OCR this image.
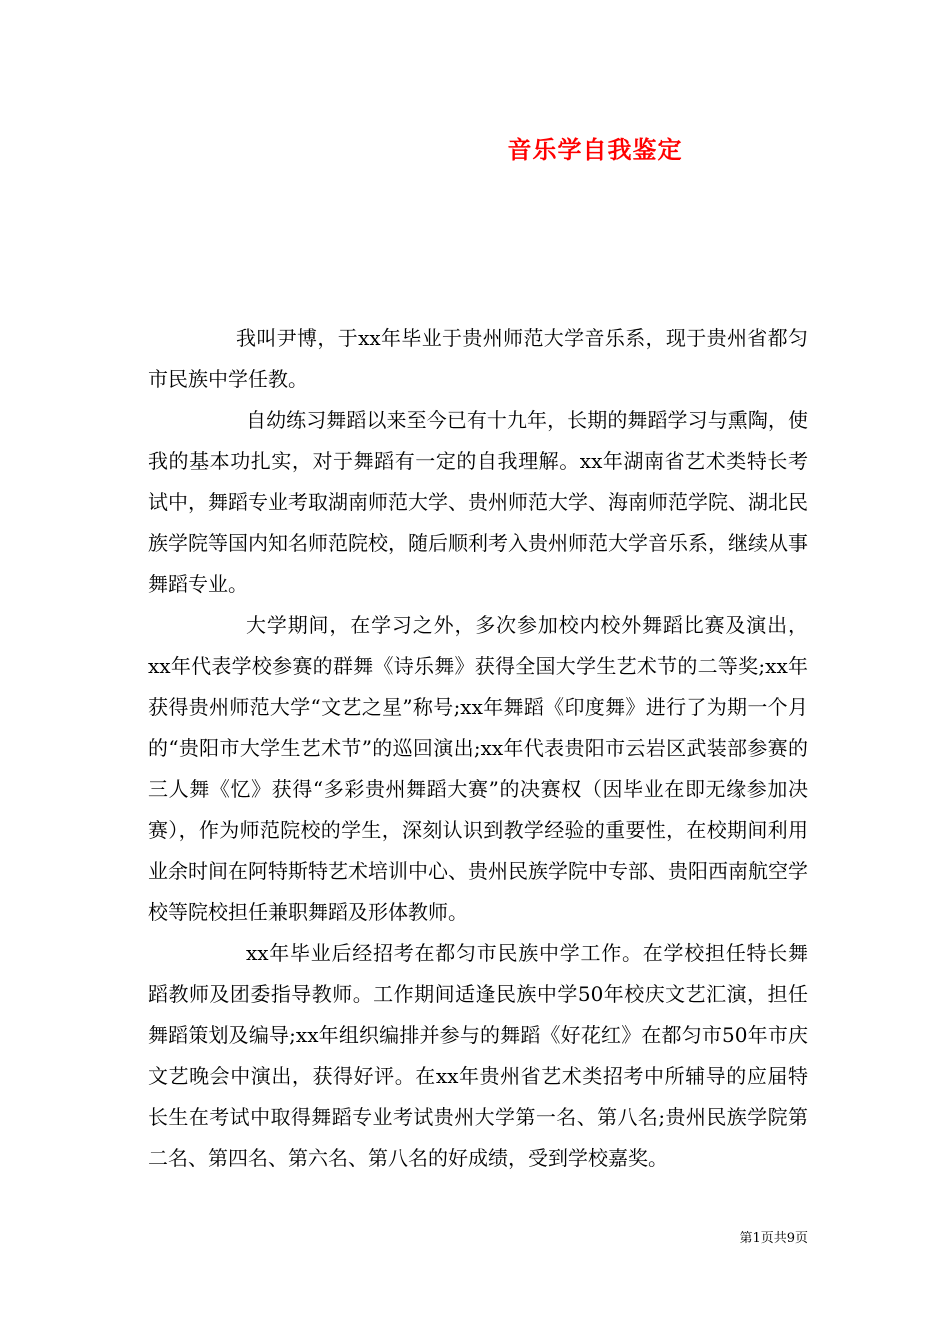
音乐学自我鉴定

我叫尹博，于xx年毕业于贵州师范大学音乐系，现于贵州省都匀市民族中学任教。

自幼练习舞蹈以来至今已有十九年，长期的舞蹈学习与熏陶，使我的基本功扎实，对于舞蹈有一定的自我理解。xx年湖南省艺术类特长考试中，舞蹈专业考取湖南师范大学、贵州师范大学、海南师范学院、湖北民族学院等国内知名师范院校，随后顺利考入贵州师范大学音乐系，继续从事舞蹈专业。

大学期间，在学习之外，多次参加校内校外舞蹈比赛及演出，xx年代表学校参赛的群舞《诗乐舞》获得全国大学生艺术节的二等奖;xx年获得贵州师范大学“文艺之星”称号;xx年舞蹈《印度舞》进行了为期一个月的“贵阳市大学生艺术节”的巡回演出;xx年代表贵阳市云岩区武装部参赛的三人舞《忆》获得“多彩贵州舞蹈大赛”的决赛权（因毕业在即无缘参加决赛），作为师范院校的学生，深刻认识到教学经验的重要性，在校期间利用业余时间在阿特斯特艺术培训中心、贵州民族学院中专部、贵阳西南航空学校等院校担任兼职舞蹈及形体教师。

xx年毕业后经招考在都匀市民族中学工作。在学校担任特长舞蹈教师及团委指导教师。工作期间适逢民族中学50年校庆文艺汇演，担任舞蹈策划及编导;xx年组织编排并参与的舞蹈《好花红》在都匀市50年市庆文艺晚会中演出，获得好评。在xx年贵州省艺术类招考中所辅导的应届特长生在考试中取得舞蹈专业考试贵州大学第一名、第八名;贵州民族学院第二名、第四名、第六名、第八名的好成绩，受到学校嘉奖。

第1页共9页
